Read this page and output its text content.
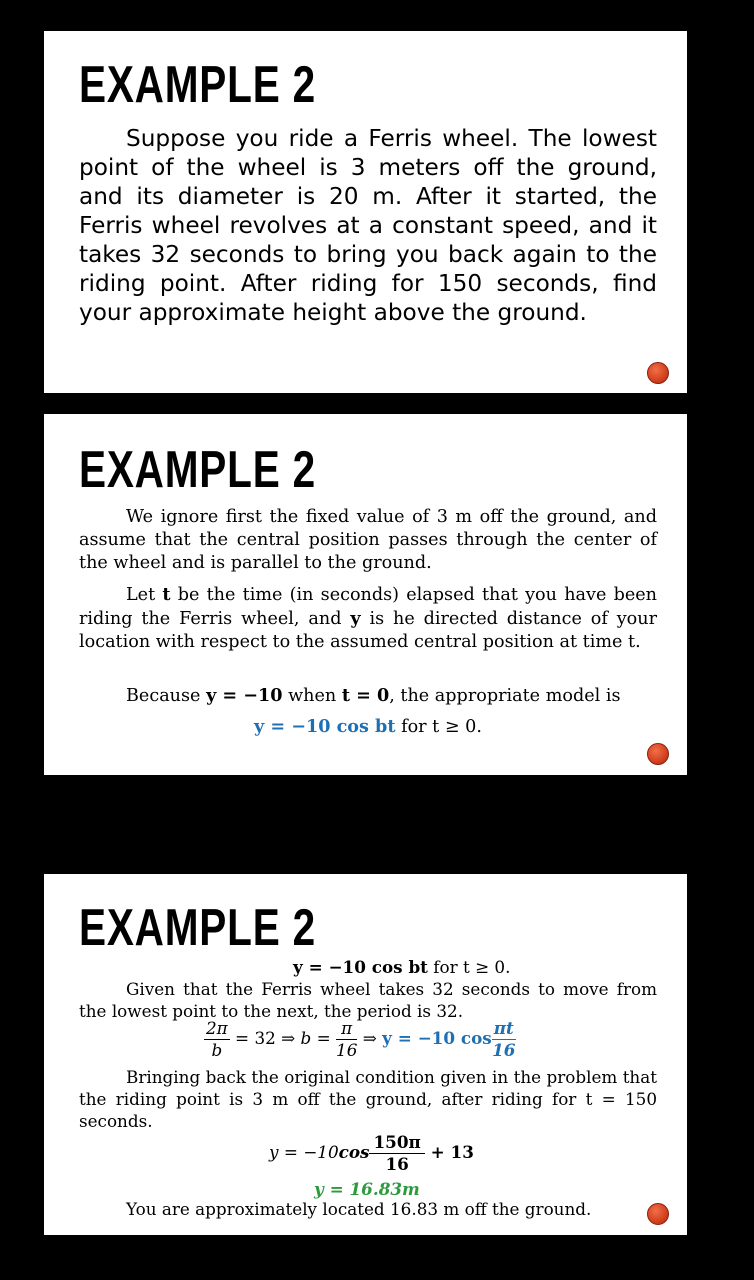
EXAMPLE 2

Suppose you ride a Ferris wheel. The lowest point of the wheel is 3 meters off the ground, and its diameter is 20 m. After it started, the Ferris wheel revolves at a constant speed, and it takes 32 seconds to bring you back again to the riding point. After riding for 150 seconds, find your approximate height above the ground.

EXAMPLE 2

We ignore first the fixed value of 3 m off the ground, and assume that the central position passes through the center of the wheel and is parallel to the ground.

Let t be the time (in seconds) elapsed that you have been riding the Ferris wheel, and y is he directed distance of your location with respect to the assumed central position at time t.

Because y = −10 when t = 0, the appropriate model is

y = −10 cos bt for t ≥ 0.

EXAMPLE 2

y = −10 cos bt for t ≥ 0.

Given that the Ferris wheel takes 32 seconds to move from the lowest point to the next, the period is 32.

$\frac{2\pi}{b} = 32$ ⇒ $b = \frac{\pi}{16}$ ⇒ y = −10 $\cos \frac{\pi t}{16}$

Bringing back the original condition given in the problem that the riding point is 3 m off the ground, after riding for t = 150 seconds.

$y = -10\cos \frac{150\pi}{16} + 13$
y = 16.83m

You are approximately located 16.83 m off the ground.
